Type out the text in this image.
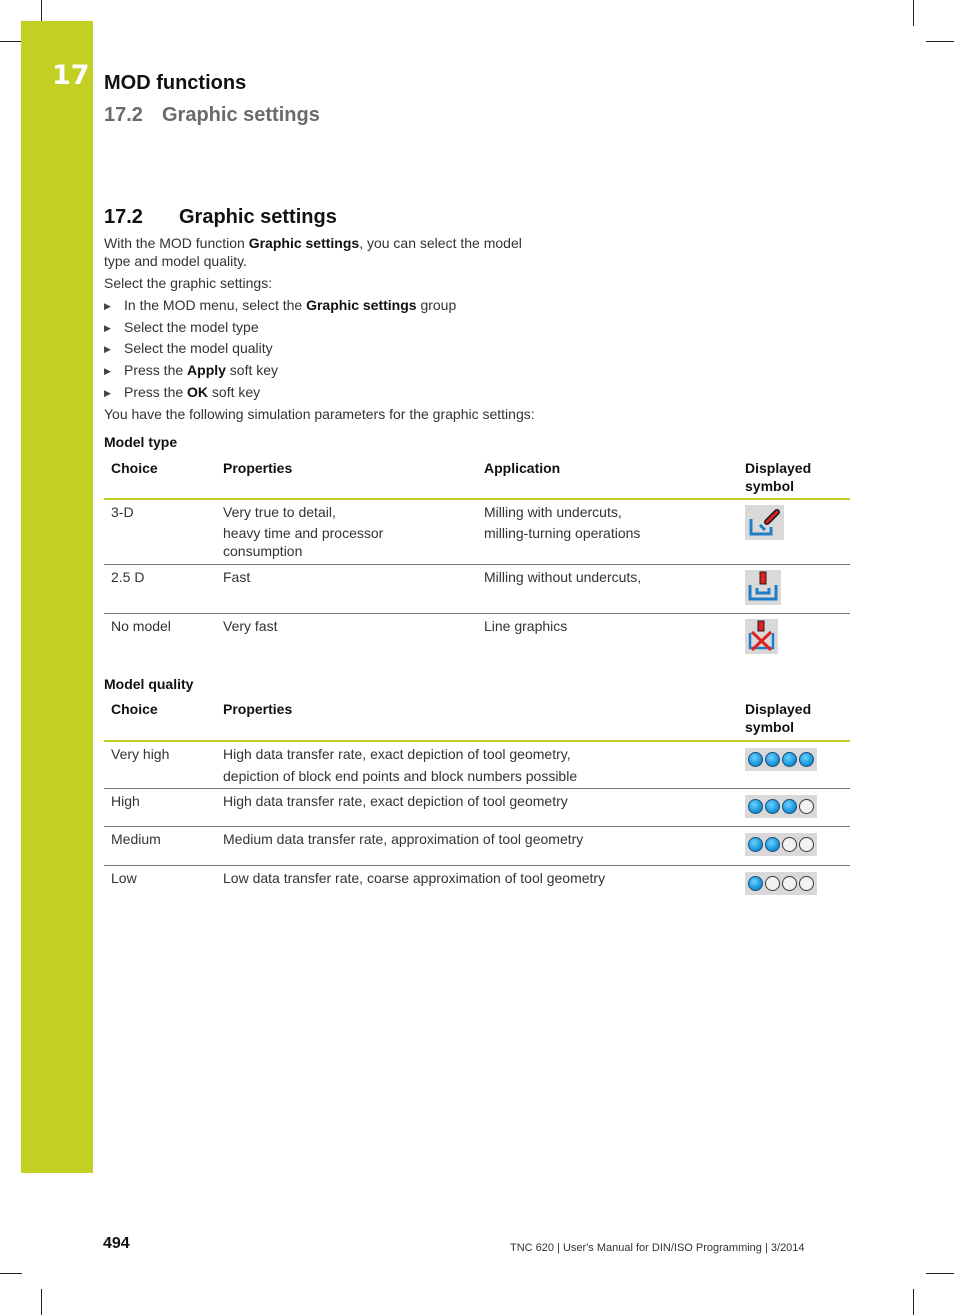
17 MOD functions
17.2 Graphic settings
17.2 Graphic settings
With the MOD function Graphic settings, you can select the model
type and model quality.
Select the graphic settings:
▶ In the MOD menu, select the Graphic settings group
▶ Select the model type
▶ Select the model quality
▶ Press the Apply soft key
▶ Press the OK soft key
You have the following simulation parameters for the graphic settings:
Model type
Choice	Properties	Application	Displayed
symbol
3-D	Very true to detail,
heavy time and processor
consumption	Milling with undercuts,
milling-turning operations

2.5 D	Fast	Milling without undercuts,	
No model	Very fast	Line graphics	
Model quality
Choice	Properties	Displayed
symbol
Very high	High data transfer rate, exact depiction of tool geometry,
depiction of block end points and block numbers possible	

High	High data transfer rate, exact depiction of tool geometry	

Medium	Medium data transfer rate, approximation of tool geometry	

Low	Low data transfer rate, coarse approximation of tool geometry	
494	TNC 620 | User's Manual for DIN/ISO Programming | 3/2014
